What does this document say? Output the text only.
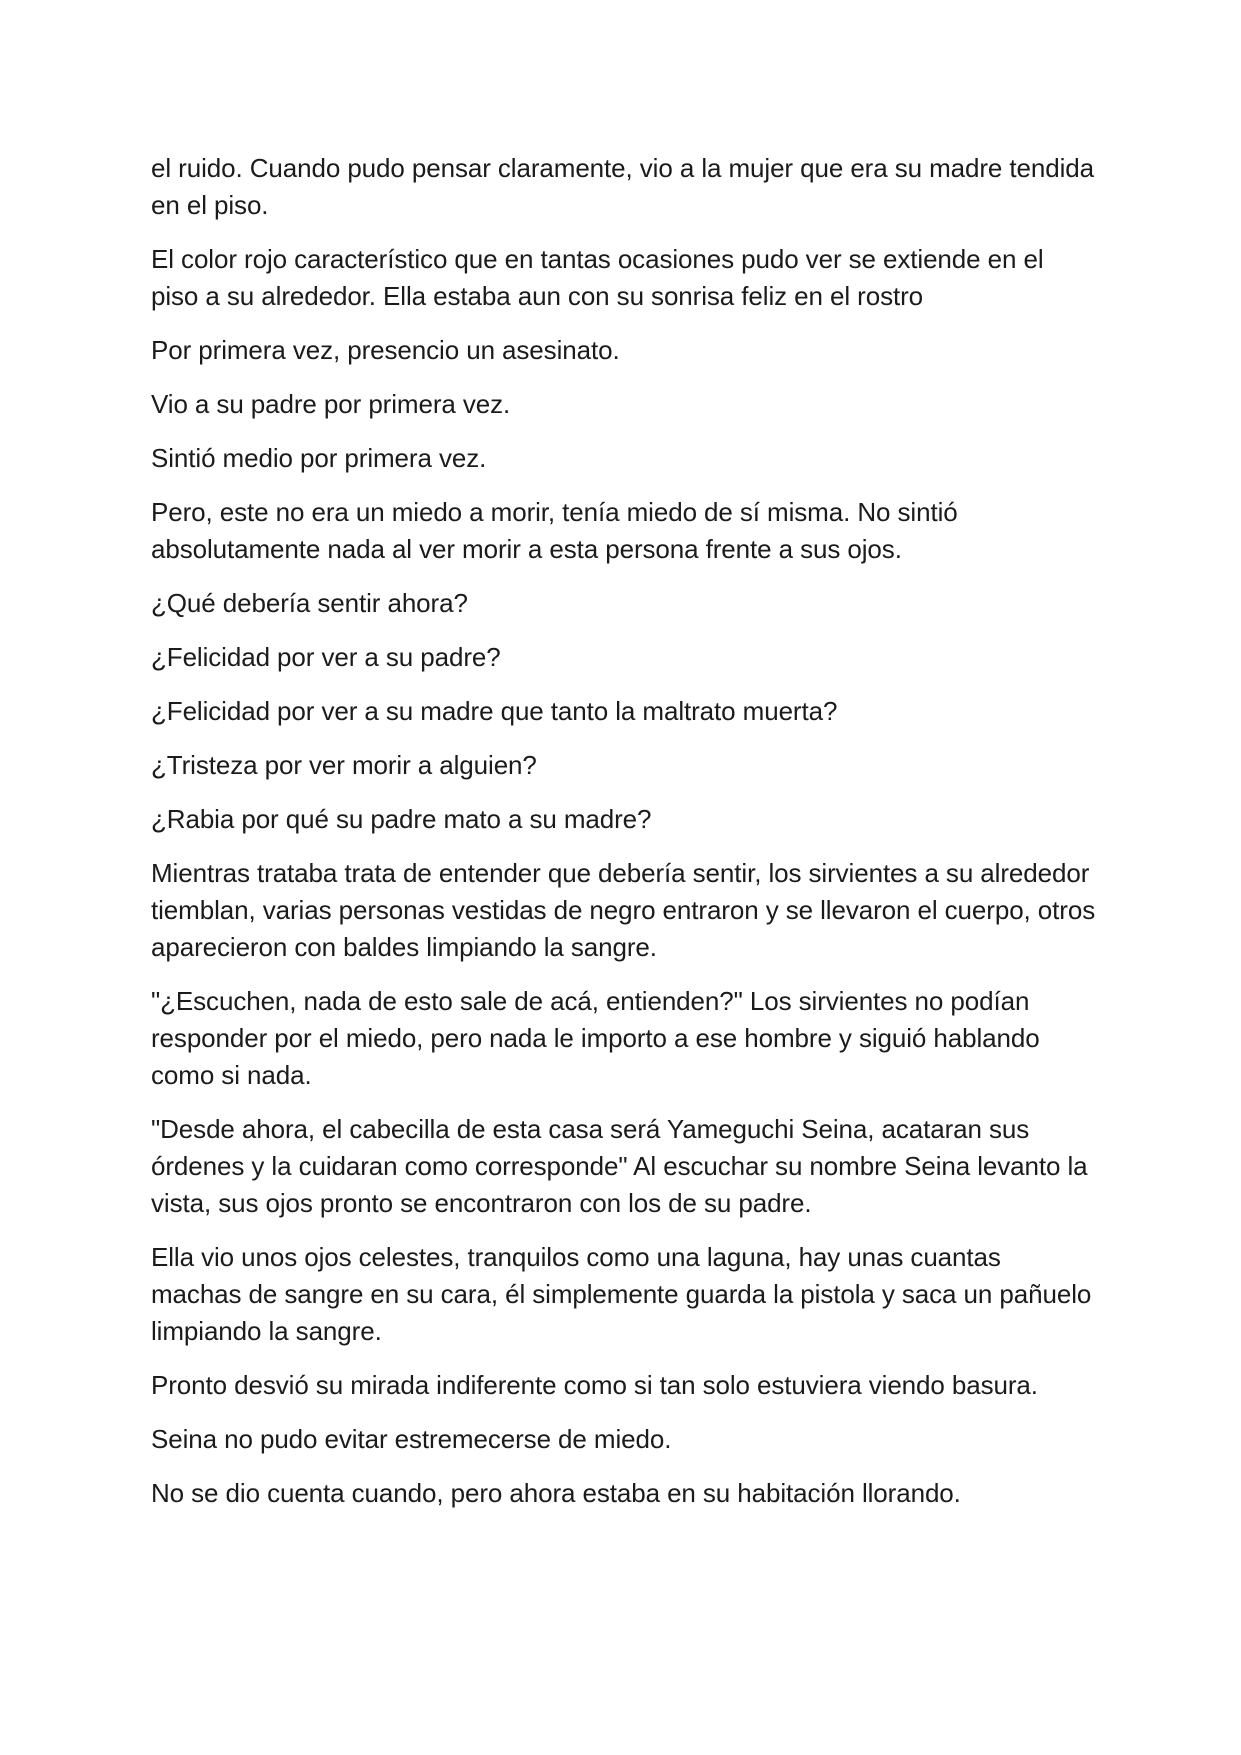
el ruido. Cuando pudo pensar claramente, vio a la mujer que era su madre tendida en el piso.

El color rojo característico que en tantas ocasiones pudo ver se extiende en el piso a su alrededor. Ella estaba aun con su sonrisa feliz en el rostro

Por primera vez, presencio un asesinato.

Vio a su padre por primera vez.

Sintió medio por primera vez.

Pero, este no era un miedo a morir, tenía miedo de sí misma. No sintió absolutamente nada al ver morir a esta persona frente a sus ojos.

¿Qué debería sentir ahora?

¿Felicidad por ver a su padre?

¿Felicidad por ver a su madre que tanto la maltrato muerta?

¿Tristeza por ver morir a alguien?

¿Rabia por qué su padre mato a su madre?

Mientras trataba trata de entender que debería sentir, los sirvientes a su alrededor tiemblan, varias personas vestidas de negro entraron y se llevaron el cuerpo, otros aparecieron con baldes limpiando la sangre.

"¿Escuchen, nada de esto sale de acá, entienden?" Los sirvientes no podían responder por el miedo, pero nada le importo a ese hombre y siguió hablando como si nada.

"Desde ahora, el cabecilla de esta casa será Yameguchi Seina, acataran sus órdenes y la cuidaran como corresponde" Al escuchar su nombre Seina levanto la vista, sus ojos pronto se encontraron con los de su padre.

Ella vio unos ojos celestes, tranquilos como una laguna, hay unas cuantas machas de sangre en su cara, él simplemente guarda la pistola y saca un pañuelo limpiando la sangre.

Pronto desvió su mirada indiferente como si tan solo estuviera viendo basura.

Seina no pudo evitar estremecerse de miedo.

No se dio cuenta cuando, pero ahora estaba en su habitación llorando.
